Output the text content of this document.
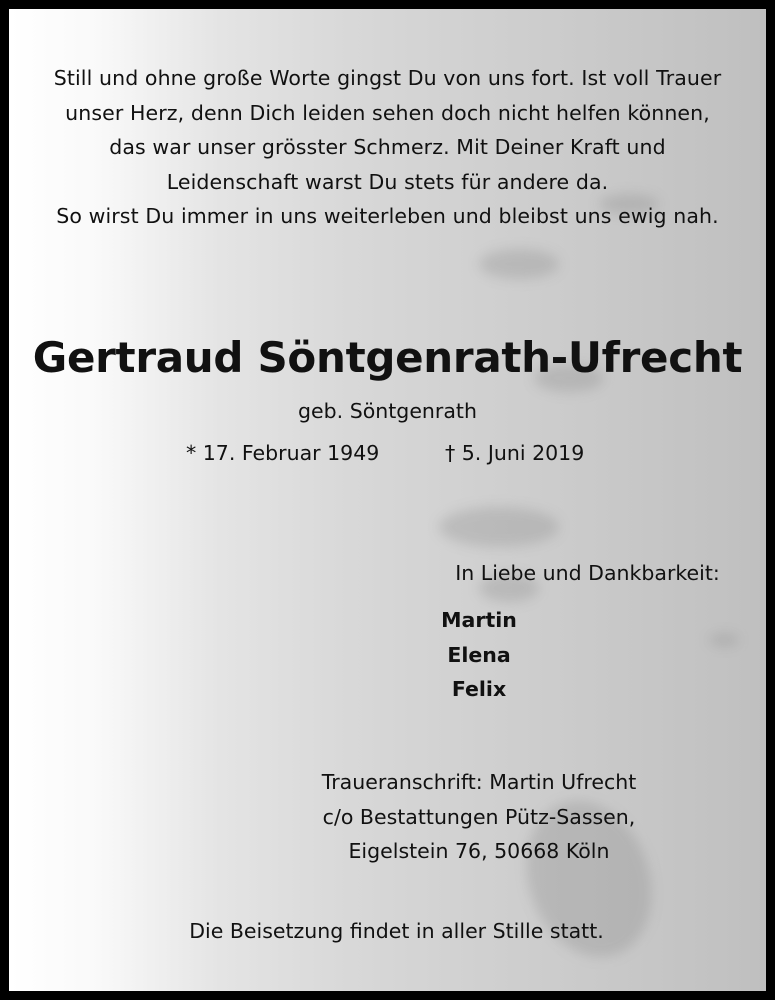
Still und ohne große Worte gingst Du von uns fort. Ist voll Trauer
unser Herz, denn Dich leiden sehen doch nicht helfen können,
das war unser grösster Schmerz. Mit Deiner Kraft und
Leidenschaft warst Du stets für andere da.
So wirst Du immer in uns weiterleben und bleibst uns ewig nah.
Gertraud Söntgenrath-Ufrecht
geb. Söntgenrath
* 17. Februar 1949	† 5. Juni 2019
In Liebe und Dankbarkeit:
Martin
Elena
Felix
Traueranschrift: Martin Ufrecht
c/o Bestattungen Pütz-Sassen,
Eigelstein 76, 50668 Köln
Die Beisetzung findet in aller Stille statt.
